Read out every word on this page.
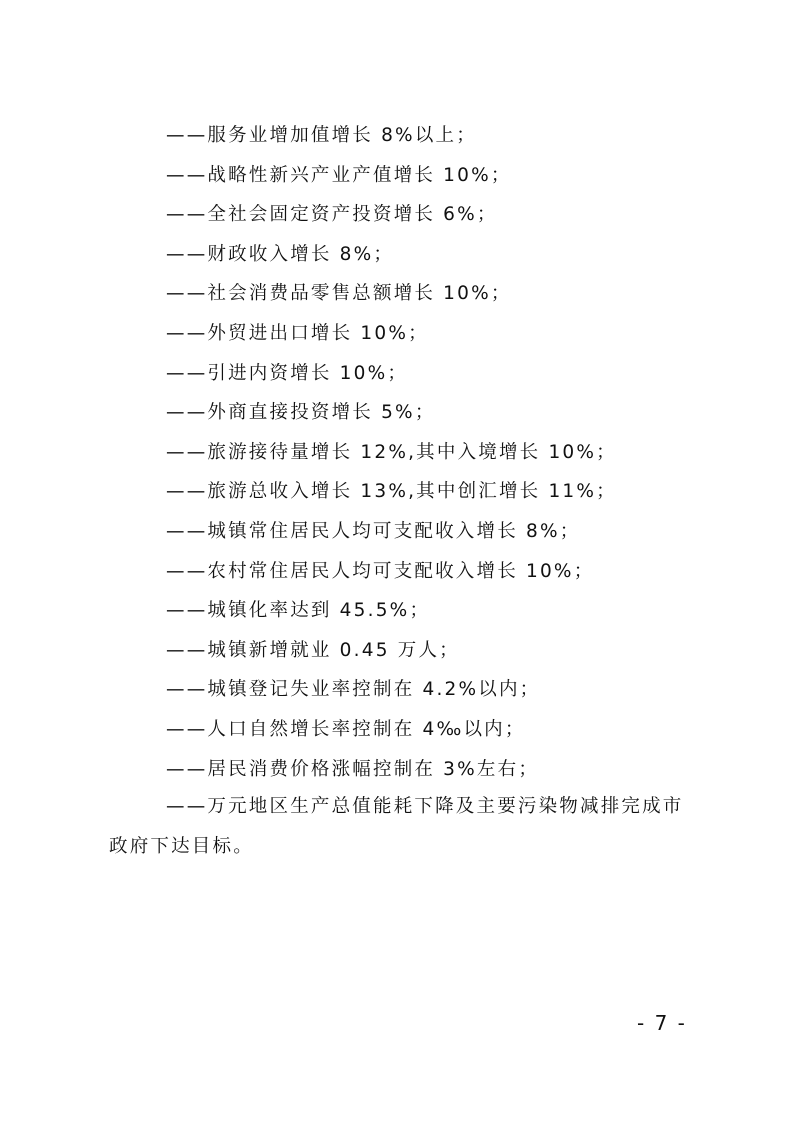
——服务业增加值增长 8%以上；
——战略性新兴产业产值增长 10%；
——全社会固定资产投资增长 6%；
——财政收入增长 8%；
——社会消费品零售总额增长 10%；
——外贸进出口增长 10%；
——引进内资增长 10%；
——外商直接投资增长 5%；
——旅游接待量增长 12%,其中入境增长 10%；
——旅游总收入增长 13%,其中创汇增长 11%；
——城镇常住居民人均可支配收入增长 8%；
——农村常住居民人均可支配收入增长 10%；
——城镇化率达到 45.5%；
——城镇新增就业 0.45 万人；
——城镇登记失业率控制在 4.2%以内；
——人口自然增长率控制在 4‰以内；
——居民消费价格涨幅控制在 3%左右；

——万元地区生产总值能耗下降及主要污染物减排完成市政府下达目标。

- 7 -
